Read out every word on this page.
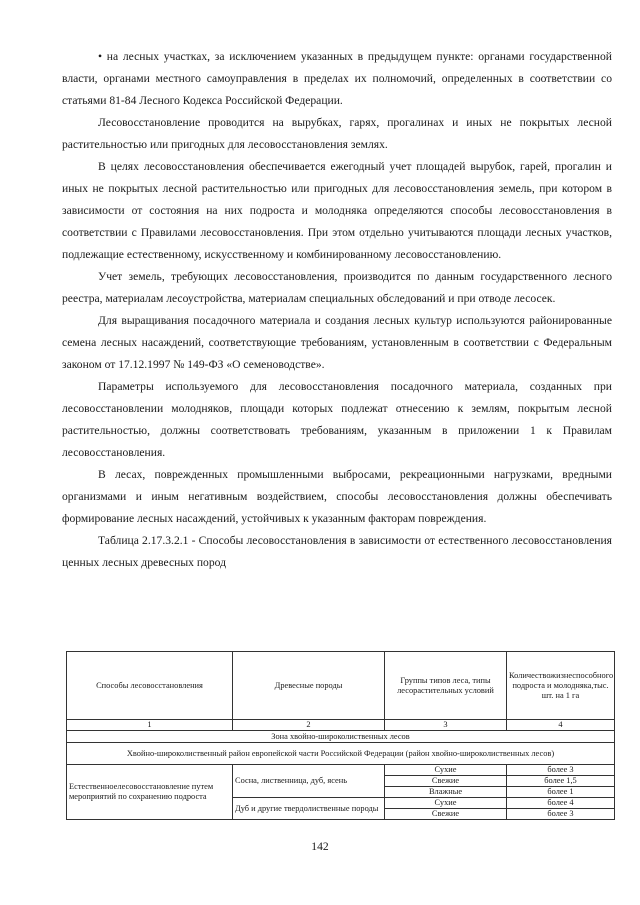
• на лесных участках, за исключением указанных в предыдущем пункте: органами государственной власти, органами местного самоуправления в пределах их полномочий, определенных в соответствии со статьями 81-84 Лесного Кодекса Российской Федерации.

Лесовосстановление проводится на вырубках, гарях, прогалинах и иных не покрытых лесной растительностью или пригодных для лесовосстановления землях.

В целях лесовосстановления обеспечивается ежегодный учет площадей вырубок, гарей, прогалин и иных не покрытых лесной растительностью или пригодных для лесовосстановления земель, при котором в зависимости от состояния на них подроста и молодняка определяются способы лесовосстановления в соответствии с Правилами лесовосстановления. При этом отдельно учитываются площади лесных участков, подлежащие естественному, искусственному и комбинированному лесовосстановлению.

Учет земель, требующих лесовосстановления, производится по данным государственного лесного реестра, материалам лесоустройства, материалам специальных обследований и при отводе лесосек.

Для выращивания посадочного материала и создания лесных культур используются районированные семена лесных насаждений, соответствующие требованиям, установленным в соответствии с Федеральным законом от 17.12.1997 № 149-ФЗ «О семеноводстве».

Параметры используемого для лесовосстановления посадочного материала, созданных при лесовосстановлении молодняков, площади которых подлежат отнесению к землям, покрытым лесной растительностью, должны соответствовать требованиям, указанным в приложении 1 к Правилам лесовосстановления.

В лесах, поврежденных промышленными выбросами, рекреационными нагрузками, вредными организмами и иным негативным воздействием, способы лесовосстановления должны обеспечивать формирование лесных насаждений, устойчивых к указанным факторам повреждения.

Таблица 2.17.3.2.1 - Способы лесовосстановления в зависимости от естественного лесовосстановления ценных лесных древесных пород

Способы лесовосстановления	Древесные породы	Группы типов леса, типы лесорастительных условий	Количествожизнеспособного подроста и молодняка,тыс. шт. на 1 га
1	2	3	4
Зона хвойно-широколиственных лесов			
Хвойно-широколиственный район европейской части Российской Федерации (район хвойно-широколиственных лесов)			
Естественноелесовосстановление путем мероприятий по сохранению подроста	Сосна, лиственница, дуб, ясень	Сухие	более 3
		Свежие	более 1,5
		Влажные	более 1
	Дуб и другие твердолиственные породы	Сухие	более 4
		Свежие	более 3
142
